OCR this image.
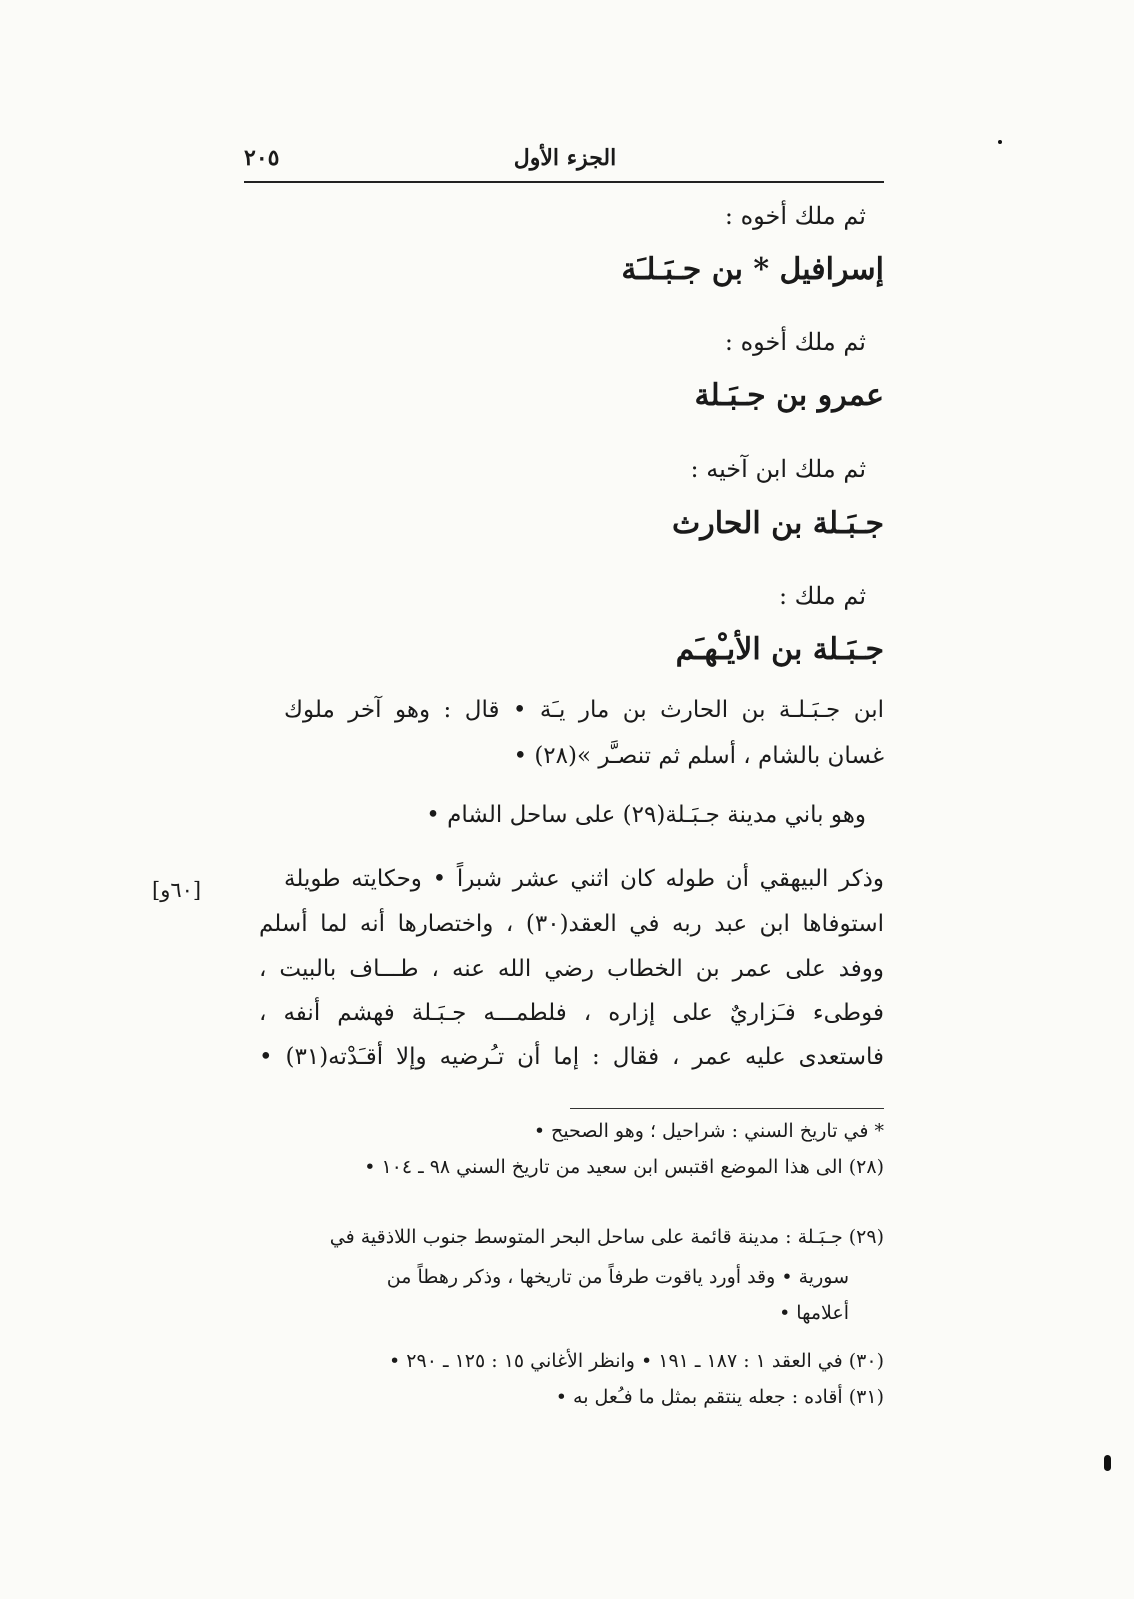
٢٠٥	الجزء الأول
ثم ملك أخوه :
إسرافيل * بن جـبَـلـَة
ثم ملك أخوه :
عمرو بن جـبَـلة
ثم ملك ابن آخيه :
جـبَـلة بن الحارث
ثم ملك :
جـبَـلة بن الأيـْهـَم
ابن جـبَـلـة بن الحارث بن مار يـَة • قال : وهو آخر ملوك
غسان بالشام ، أسلم ثم تنصـَّر »(٢٨) •
وهو باني مدينة جـبَـلة(٢٩) على ساحل الشام •
وذكر البيهقي أن طوله كان اثني عشر شبراً • وحكايته طويلة
استوفاها ابن عبد ربه في العقد(٣٠) ، واختصارها أنه لما أسلم
ووفد على عمر بن الخطاب رضي الله عنه ، طـــاف بالبيت ،
فوطىء فـَزاريٌ على إزاره ، فلطمـــه جـبَـلة فهشم أنفه ،
فاستعدى عليه عمر ، فقال : إما أن تـُرضيه وإلا أقـَدْته(٣١) •
[٦٠و]
* في تاريخ السني : شراحيل ؛ وهو الصحيح •
(٢٨) الى هذا الموضع اقتبس ابن سعيد من تاريخ السني ٩٨ ـ ١٠٤ •
(٢٩) جـبَـلة : مدينة قائمة على ساحل البحر المتوسط جنوب اللاذقية في
سورية • وقد أورد ياقوت طرفاً من تاريخها ، وذكر رهطاً من
أعلامها •
(٣٠) في العقد ١ : ١٨٧ ـ ١٩١ • وانظر الأغاني ١٥ : ١٢٥ ـ ٢٩٠ •
(٣١) أقاده : جعله ينتقم بمثل ما فـُعل به •
